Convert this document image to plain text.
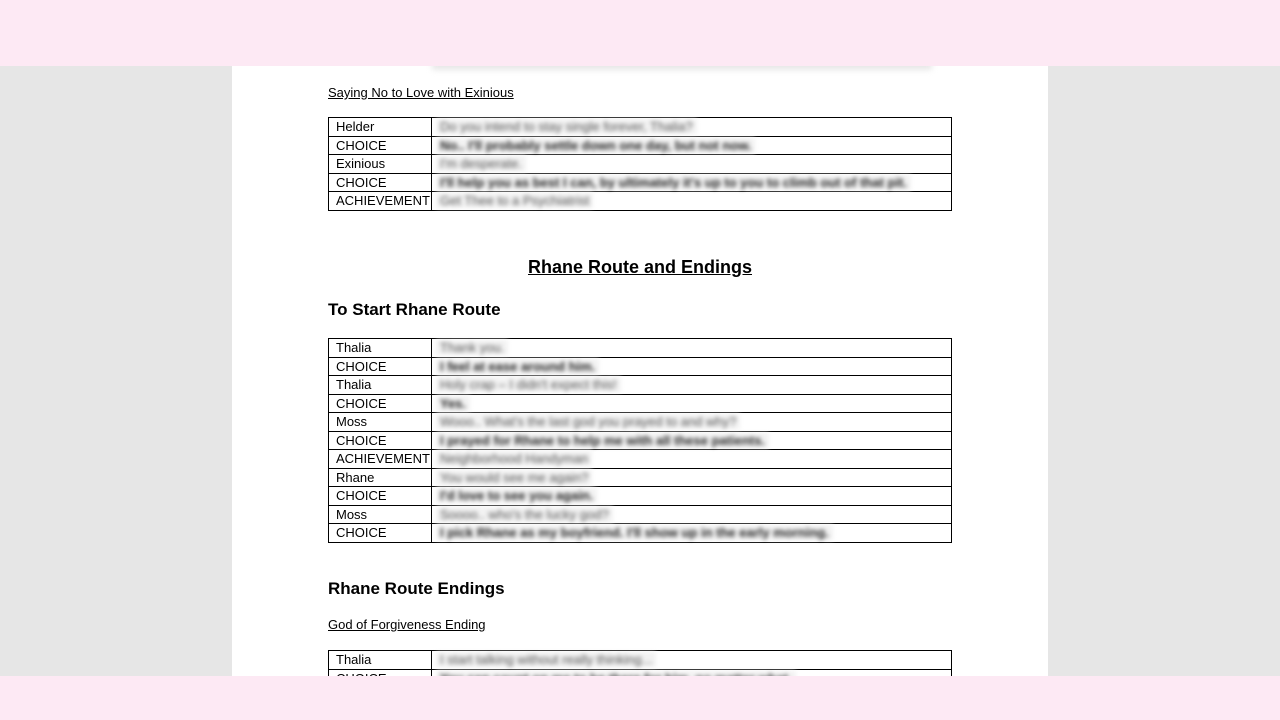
Saying No to Love with Exinious
Helder	Do you intend to stay single forever, Thalia?
CHOICE	No.. I'll probably settle down one day, but not now.
Exinious	I'm desperate.
CHOICE	I'll help you as best I can, by ultimately it's up to you to climb out of that pit.
ACHIEVEMENT	Get Thee to a Psychiatrist
Rhane Route and Endings
To Start Rhane Route
Thalia	Thank you.
CHOICE	I feel at ease around him.
Thalia	Holy crap – I didn't expect this!
CHOICE	Yes.
Moss	Wooo.. What's the last god you prayed to and why?
CHOICE	I prayed for Rhane to help me with all these patients.
ACHIEVEMENT	Neighborhood Handyman
Rhane	You would see me again?
CHOICE	I'd love to see you again.
Moss	Soooo.. who's the lucky god?
CHOICE	I pick Rhane as my boyfriend. I'll show up in the early morning.
Rhane Route Endings
God of Forgiveness Ending
Thalia	I start talking without really thinking...
